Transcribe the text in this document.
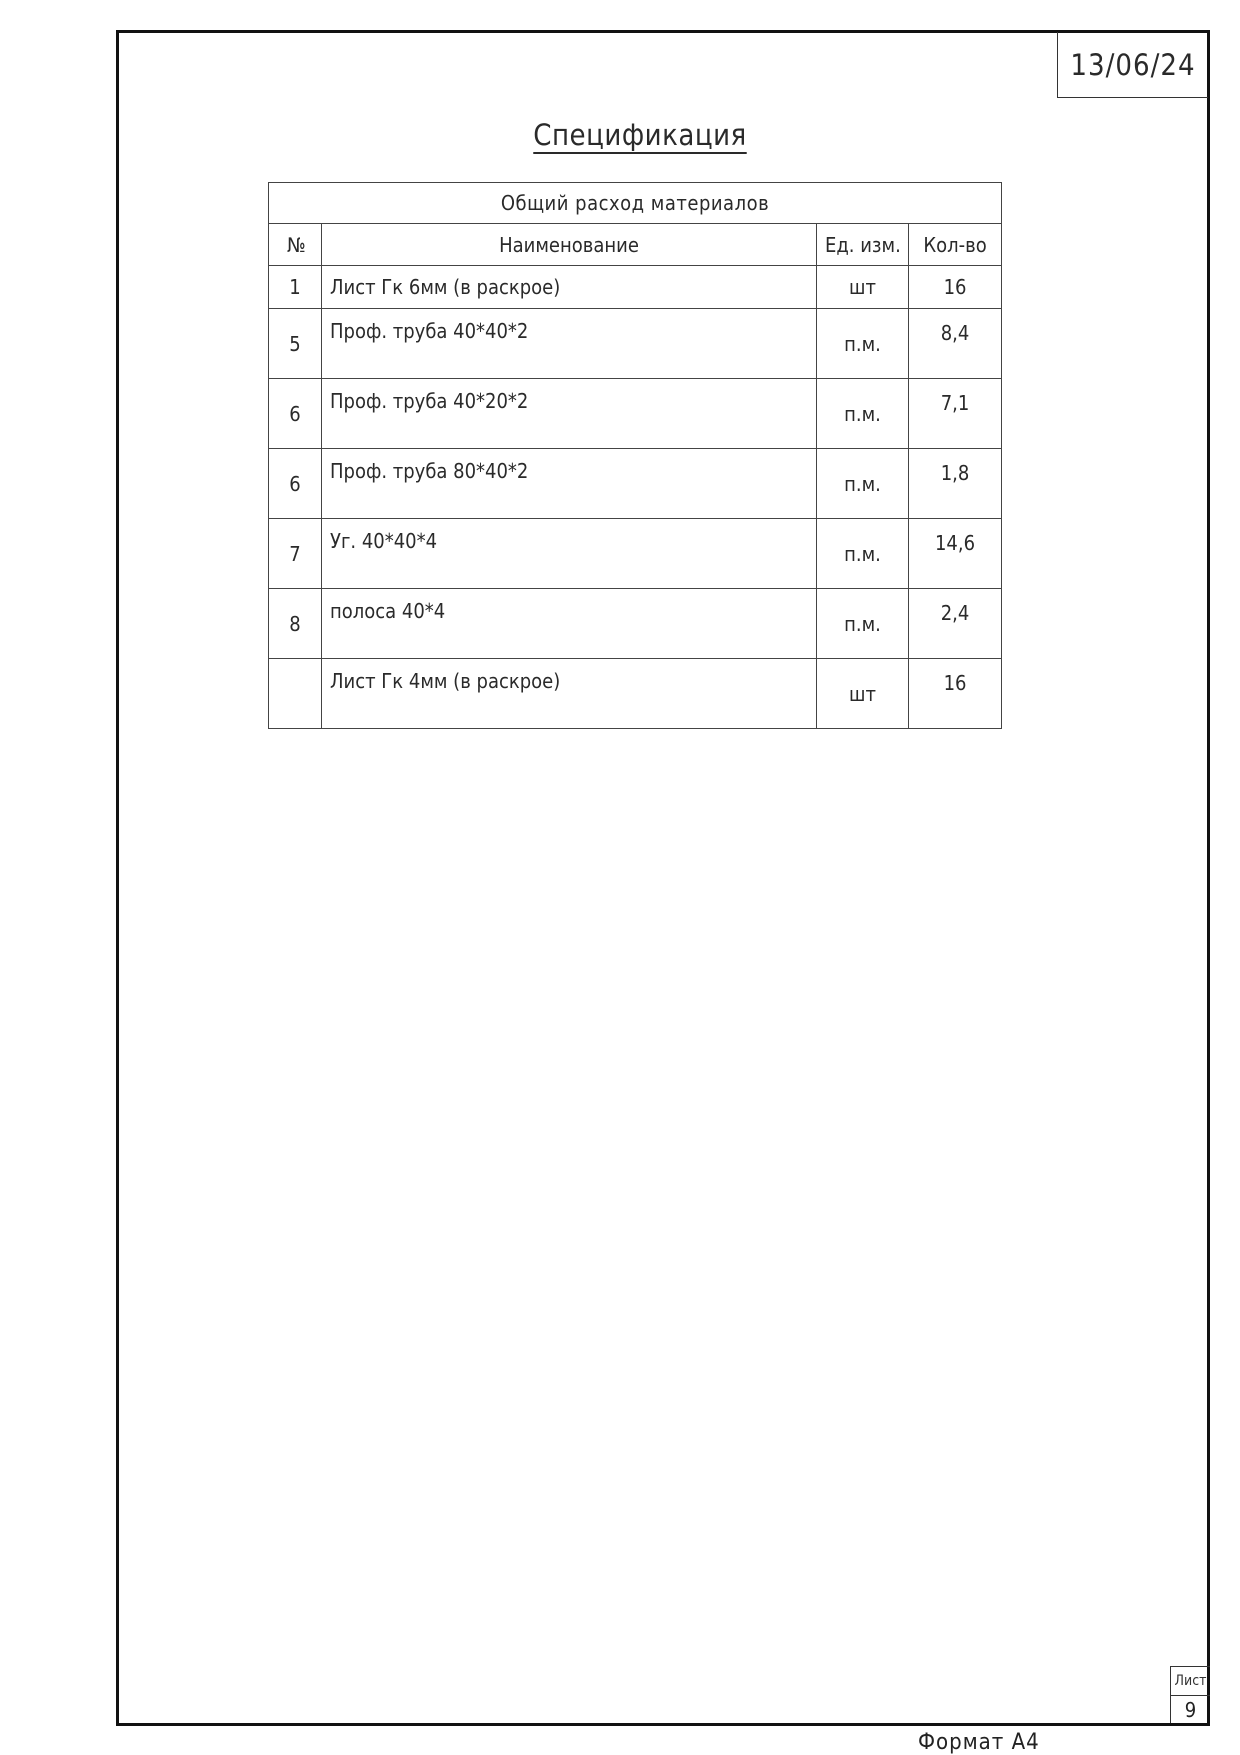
13/06/24
Спецификация
Общий расход материалов			
№	Наименование	Ед. изм.	Кол-во
1	Лист Гк 6мм (в раскрое)	шт	16
5	Проф. труба 40*40*2	п.м.	8,4
6	Проф. труба 40*20*2	п.м.	7,1
6	Проф. труба 80*40*2	п.м.	1,8
7	Уг. 40*40*4	п.м.	14,6
8	полоса 40*4	п.м.	2,4
	Лист Гк 4мм (в раскрое)	шт	16
Лист
9
Формат А4
